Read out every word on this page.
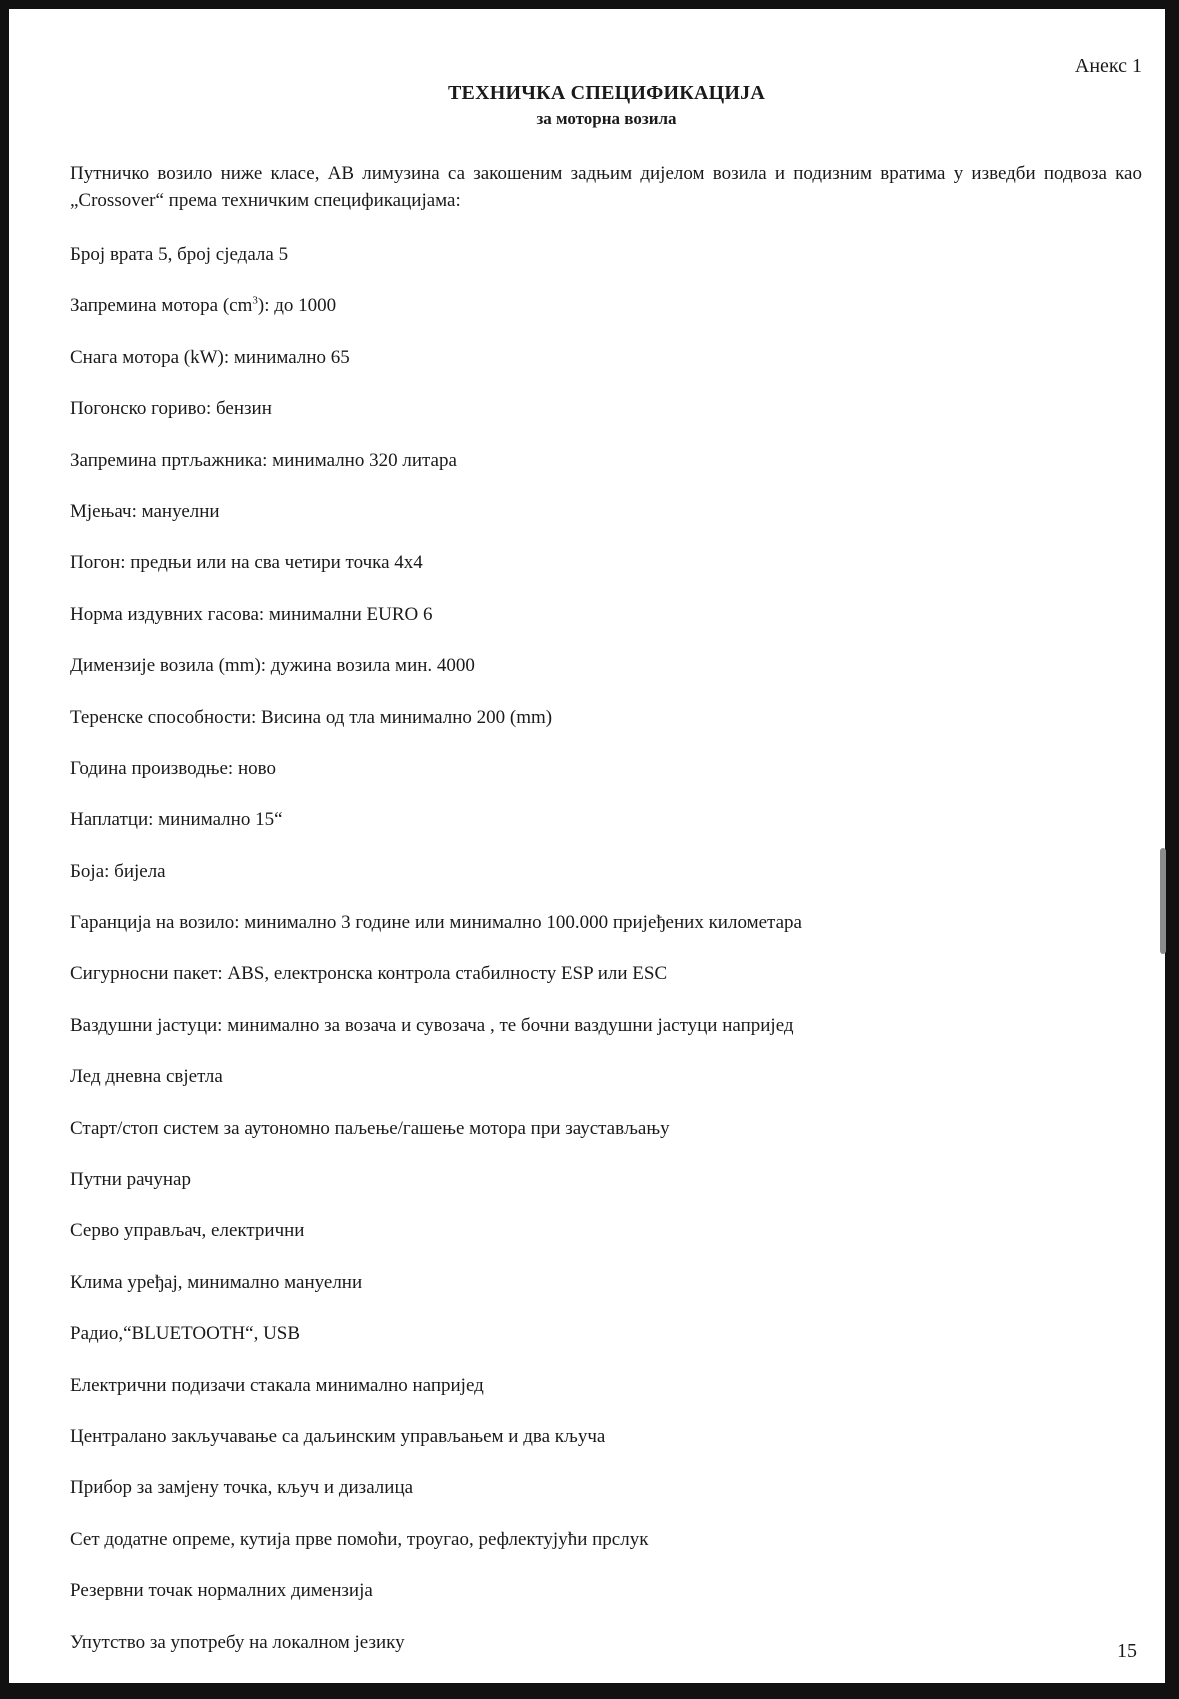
Анекс 1
ТЕХНИЧКА СПЕЦИФИКАЦИЈА
за моторна возила
Путничко возило ниже класе, АВ лимузина са закошеним задњим дијелом возила и подизним вратима у изведби подвоза као „Crossover“ према техничким спецификацијама:
Број врата 5, број сједала 5
Запремина мотора $(cm^3)$: до 1000
Снага мотора (kW): минимално 65
Погонско гориво: бензин
Запремина пртљажника: минимално 320 литара
Мјењач: мануелни
Погон: предњи или на сва четири точка 4x4
Норма издувних гасова: минимални EURO 6
Димензије возила (mm): дужина возила мин. 4000
Теренске способности: Висина од тла минимално 200 (mm)
Година производње: ново
Наплатци: минимално 15“
Боја: бијела
Гаранција на возило: минимално 3 године или минимално 100.000 пријеђених километара
Сигурносни пакет: ABS, електронска контрола стабилносту ESP или ESC
Ваздушни јастуци: минимално за возача и сувозача , те бочни ваздушни јастуци напријед
Лед дневна свјетла
Старт/стоп систем за аутономно паљење/гашење мотора при заустављању
Путни рачунар
Серво управљач, електрични
Клима уређај, минимално мануелни
Радио,“BLUETOOTH“, USB
Електрични подизачи стакала минимално напријед
Централано закључавање са даљинским управљањем и два кључа
Прибор за замјену точка, кључ и дизалица
Сет додатне опреме, кутија прве помоћи, троугао, рефлектујући прслук
Резервни точак нормалних димензија
Упутство за употребу на локалном језику	15
